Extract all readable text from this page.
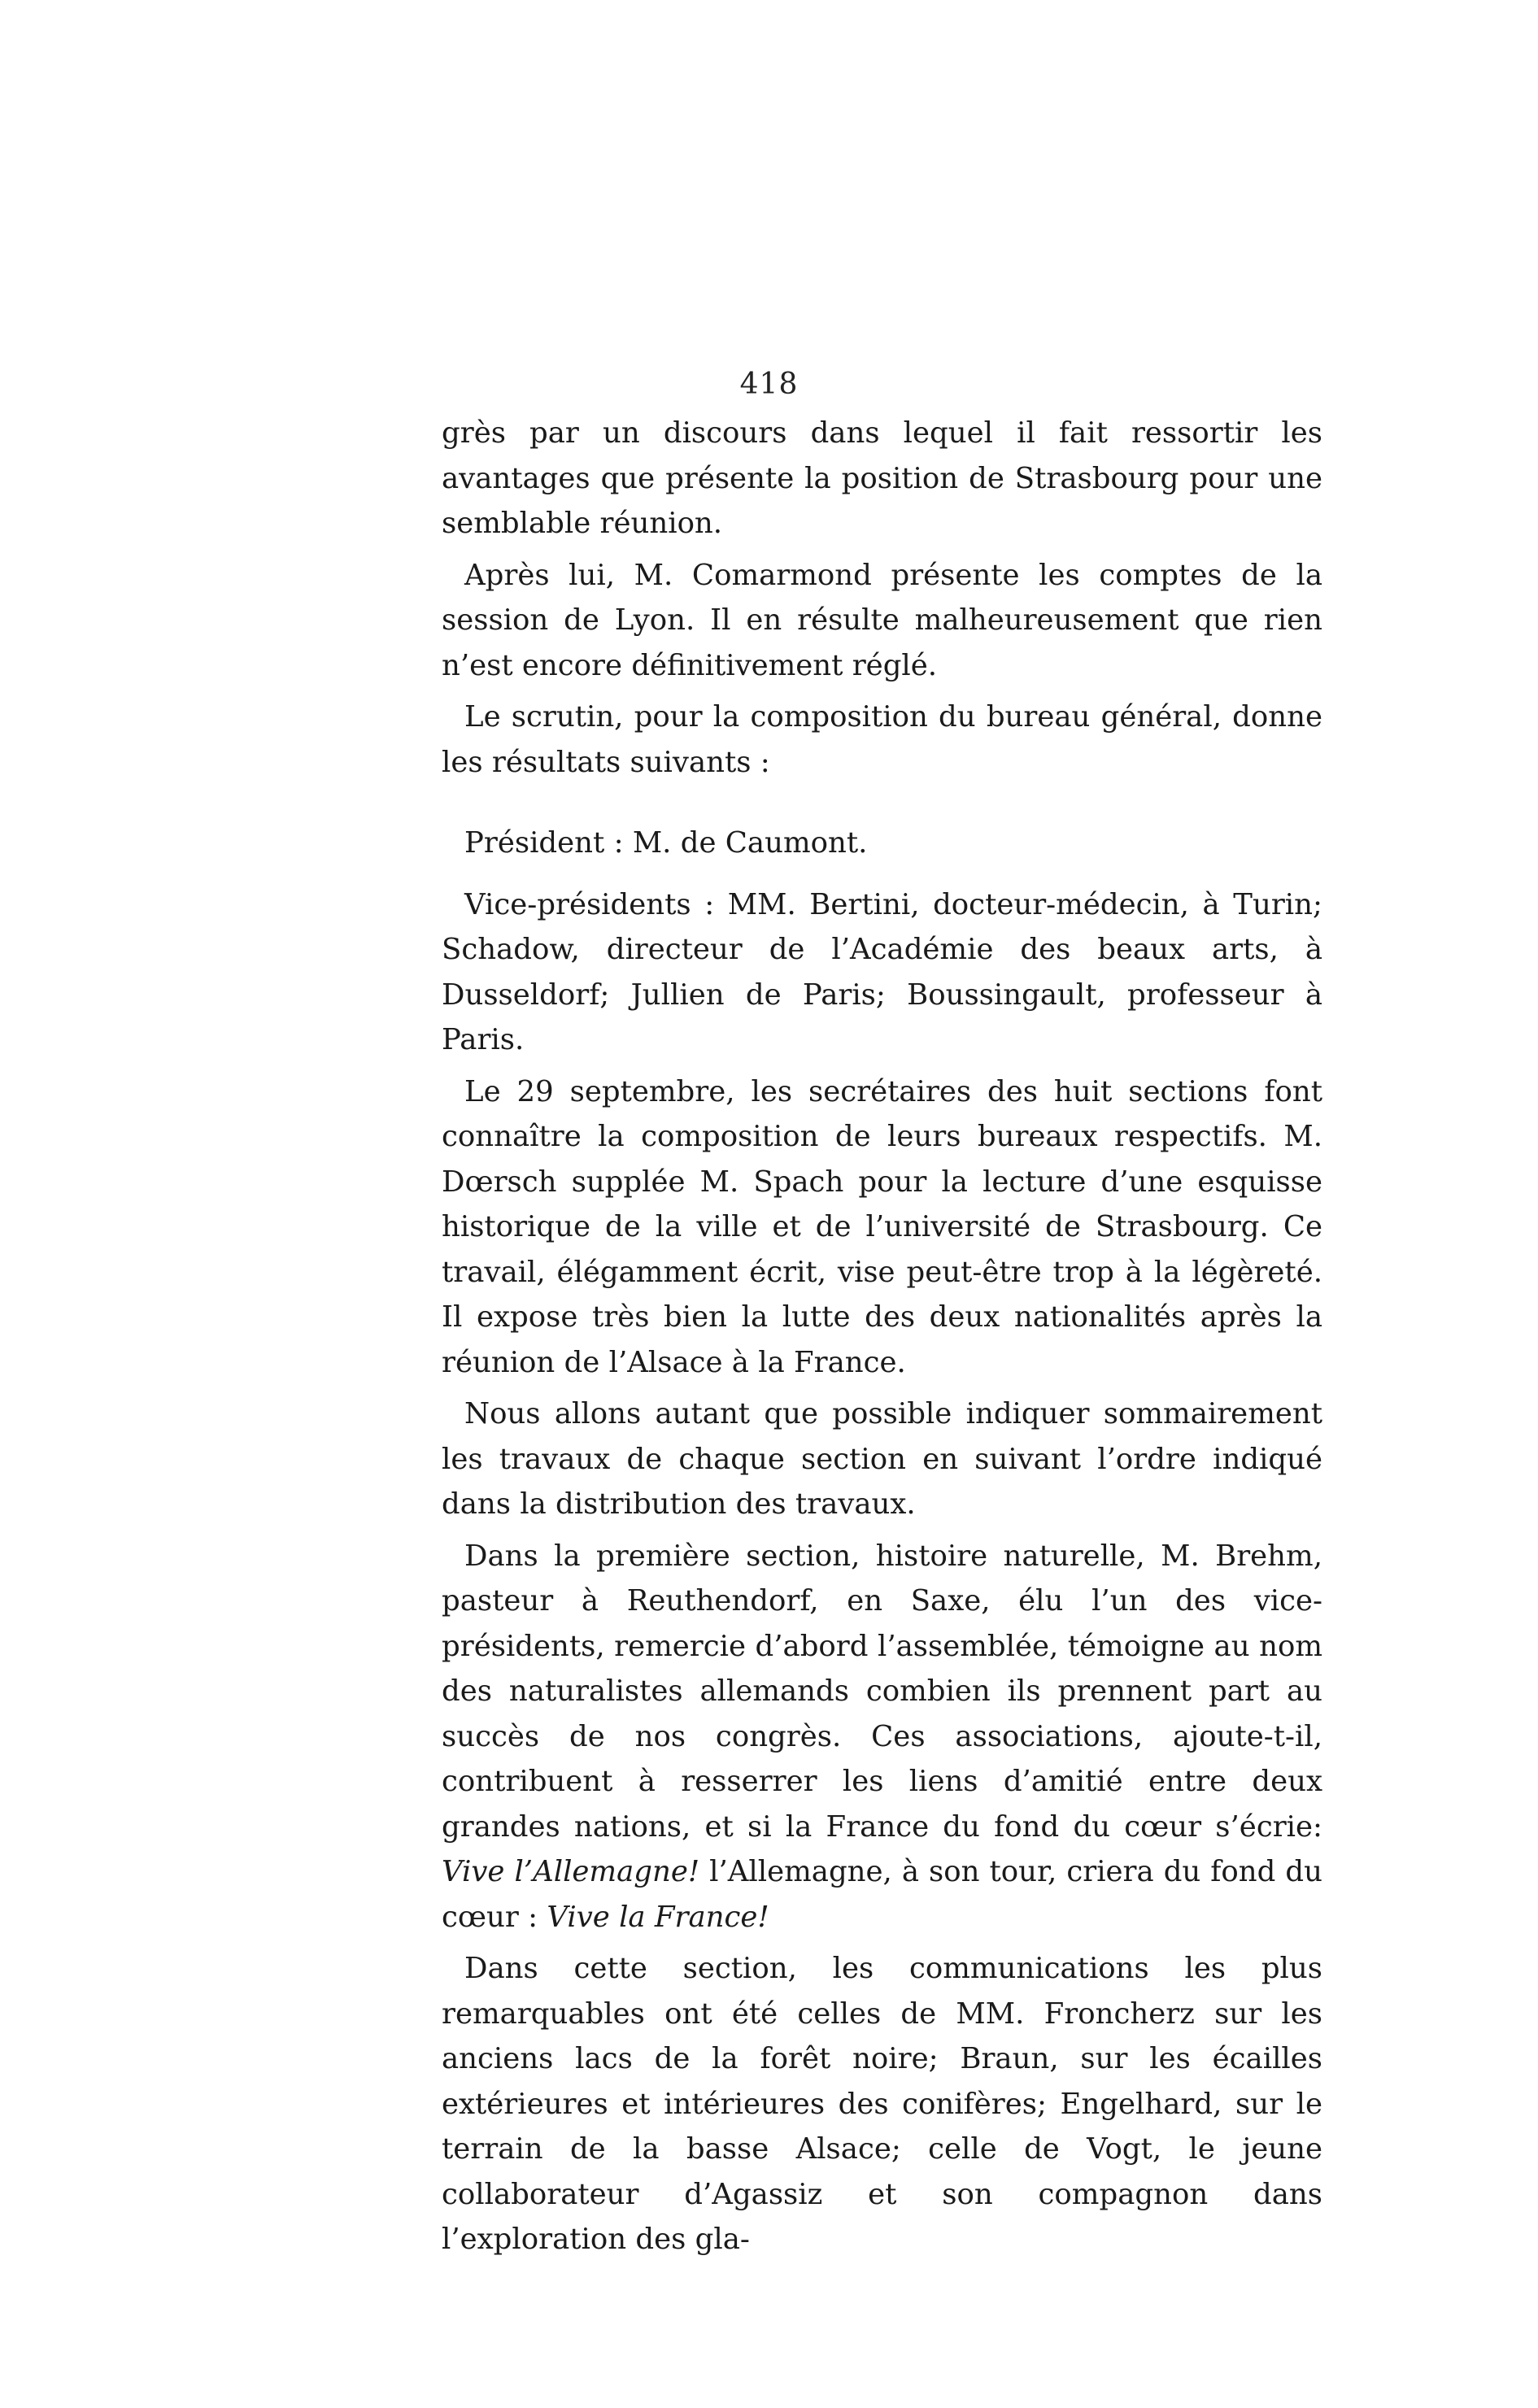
418

grès par un discours dans lequel il fait ressortir les avantages que présente la position de Strasbourg pour une semblable réunion.

Après lui, M. Comarmond présente les comptes de la session de Lyon. Il en résulte malheureusement que rien n’est encore définitivement réglé.

Le scrutin, pour la composition du bureau général, donne les résultats suivants :

Président : M. de Caumont.

Vice-présidents : MM. Bertini, docteur-médecin, à Turin; Schadow, directeur de l’Académie des beaux arts, à Dusseldorf; Jullien de Paris; Boussingault, professeur à Paris.

Le 29 septembre, les secrétaires des huit sections font connaître la composition de leurs bureaux respectifs. M. Dœrsch supplée M. Spach pour la lecture d’une esquisse historique de la ville et de l’université de Strasbourg. Ce travail, élégamment écrit, vise peut-être trop à la légèreté. Il expose très bien la lutte des deux nationalités après la réunion de l’Alsace à la France.

Nous allons autant que possible indiquer sommairement les travaux de chaque section en suivant l’ordre indiqué dans la distribution des travaux.

Dans la première section, histoire naturelle, M. Brehm, pasteur à Reuthendorf, en Saxe, élu l’un des vice-présidents, remercie d’abord l’assemblée, témoigne au nom des naturalistes allemands combien ils prennent part au succès de nos congrès. Ces associations, ajoute-t-il, contribuent à resserrer les liens d’amitié entre deux grandes nations, et si la France du fond du cœur s’écrie: Vive l’Allemagne! l’Allemagne, à son tour, criera du fond du cœur : Vive la France!

Dans cette section, les communications les plus remarquables ont été celles de MM. Froncherz sur les anciens lacs de la forêt noire; Braun, sur les écailles extérieures et intérieures des conifères; Engelhard, sur le terrain de la basse Alsace; celle de Vogt, le jeune collaborateur d’Agassiz et son compagnon dans l’exploration des gla-
